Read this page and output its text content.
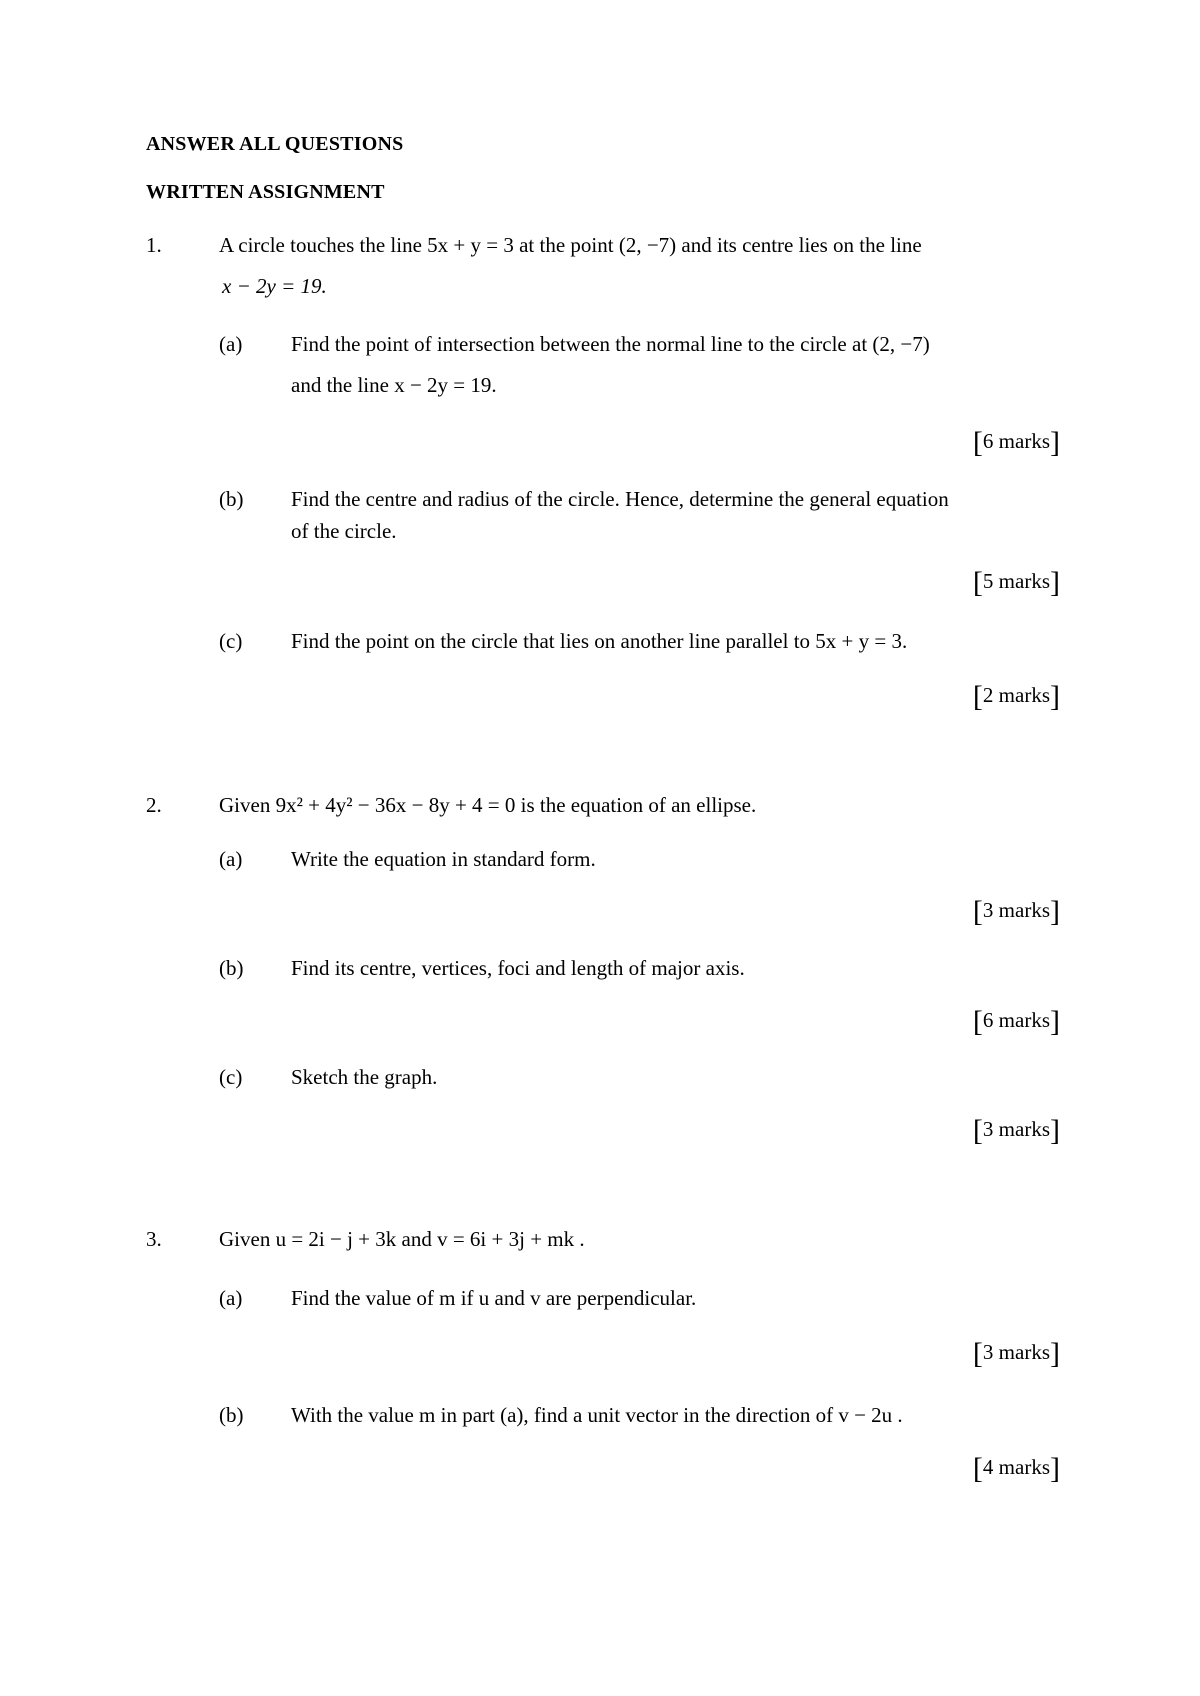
ANSWER ALL QUESTIONS
WRITTEN ASSIGNMENT
1.	A circle touches the line 5x + y = 3 at the point (2, −7) and its centre lies on the line
x − 2y = 19.
(a) Find the point of intersection between the normal line to the circle at (2, −7)
and the line x − 2y = 19.
[6 marks]
(b) Find the centre and radius of the circle. Hence, determine the general equation
of the circle.
[5 marks]
(c) Find the point on the circle that lies on another line parallel to 5x + y = 3.
[2 marks]
2.	Given 9x² + 4y² − 36x − 8y + 4 = 0 is the equation of an ellipse.
(a) Write the equation in standard form.
[3 marks]
(b) Find its centre, vertices, foci and length of major axis.
[6 marks]
(c) Sketch the graph.
[3 marks]
3.	Given u = 2i − j + 3k and v = 6i + 3j + mk .
(a) Find the value of m if u and v are perpendicular.
[3 marks]
(b) With the value m in part (a), find a unit vector in the direction of v − 2u .
[4 marks]
